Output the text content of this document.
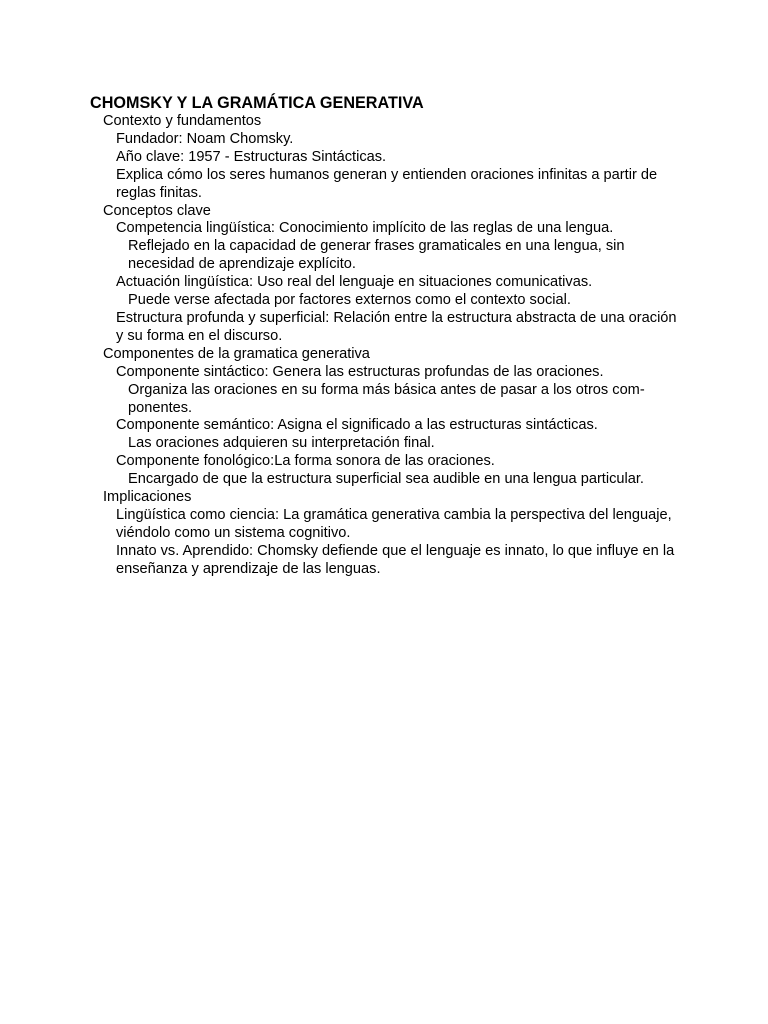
CHOMSKY Y LA GRAMÁTICA GENERATIVA
Contexto y fundamentos
Fundador: Noam Chomsky.
Año clave: 1957 - Estructuras Sintácticas.
Explica cómo los seres humanos generan y entienden oraciones infinitas a partir de reglas finitas.
Conceptos clave
Competencia lingüística: Conocimiento implícito de las reglas de una lengua.
Reflejado en la capacidad de generar frases gramaticales en una lengua, sin necesidad de aprendizaje explícito.
Actuación lingüística: Uso real del lenguaje en situaciones comunicativas.
Puede verse afectada por factores externos como el contexto social.
Estructura profunda y superficial: Relación entre la estructura abstracta de una oración y su forma en el discurso.
Componentes de la gramatica generativa
Componente sintáctico: Genera las estructuras profundas de las oraciones.
Organiza las oraciones en su forma más básica antes de pasar a los otros com-ponentes.
Componente semántico: Asigna el significado a las estructuras sintácticas.
Las oraciones adquieren su interpretación final.
Componente fonológico:La forma sonora de las oraciones.
Encargado de que la estructura superficial sea audible en una lengua particular.
Implicaciones
Lingüística como ciencia: La gramática generativa cambia la perspectiva del lenguaje, viéndolo como un sistema cognitivo.
Innato vs. Aprendido: Chomsky defiende que el lenguaje es innato, lo que influye en la enseñanza y aprendizaje de las lenguas.
